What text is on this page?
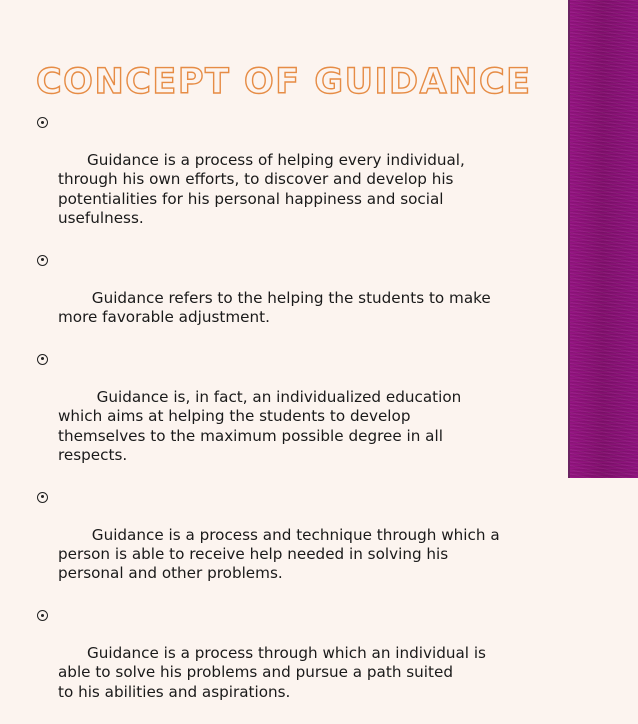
CONCEPT OF GUIDANCE

Guidance is a process of helping every individual,
through his own efforts, to discover and develop his
potentialities for his personal happiness and social
usefulness.

Guidance refers to the helping the students to make
more favorable adjustment.

Guidance is, in fact, an individualized education
which aims at helping the students to develop
themselves to the maximum possible degree in all
respects.

Guidance is a process and technique through which a
person is able to receive help needed in solving his
personal and other problems.

Guidance is a process through which an individual is
able to solve his problems and pursue a path suited
to his abilities and aspirations.
